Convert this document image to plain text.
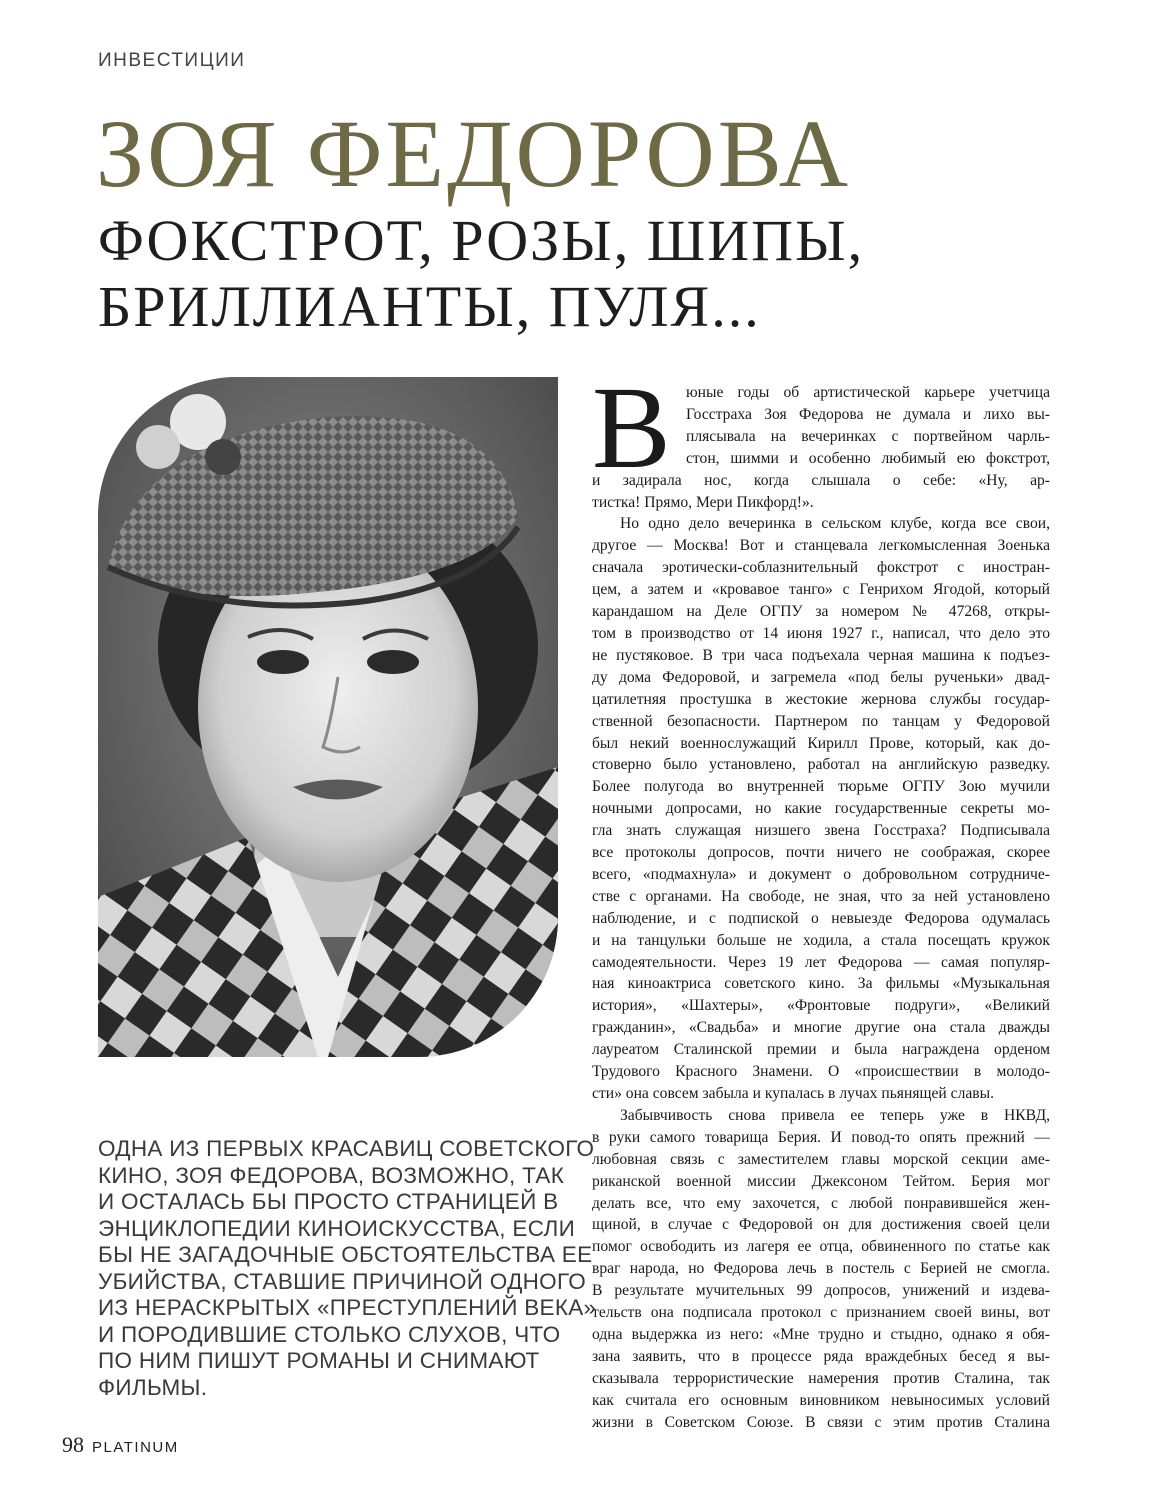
ИНВЕСТИЦИИ
ЗОЯ ФЕДОРОВА
ФОКСТРОТ, РОЗЫ, ШИПЫ,
БРИЛЛИАНТЫ, ПУЛЯ...
ОДНА ИЗ ПЕРВЫХ КРАСАВИЦ СОВЕТСКОГО
КИНО, ЗОЯ ФЕДОРОВА, ВОЗМОЖНО, ТАК
И ОСТАЛАСЬ БЫ ПРОСТО СТРАНИЦЕЙ В
ЭНЦИКЛОПЕДИИ КИНОИСКУССТВА, ЕСЛИ
БЫ НЕ ЗАГАДОЧНЫЕ ОБСТОЯТЕЛЬСТВА ЕЕ
УБИЙСТВА, СТАВШИЕ ПРИЧИНОЙ ОДНОГО
ИЗ НЕРАСКРЫТЫХ «ПРЕСТУПЛЕНИЙ ВЕКА»
И ПОРОДИВШИЕ СТОЛЬКО СЛУХОВ, ЧТО
ПО НИМ ПИШУТ РОМАНЫ И СНИМАЮТ
ФИЛЬМЫ.
В юные годы об артистической карьере учетчица
Госстраха Зоя Федорова не думала и лихо вы-
плясывала на вечеринках с портвейном чарль-
стон, шимми и особенно любимый ею фокстрот,
и задирала нос, когда слышала о себе: «Ну, ар-
тистка! Прямо, Мери Пикфорд!».
Но одно дело вечеринка в сельском клубе, когда все свои,
другое — Москва! Вот и станцевала легкомысленная Зоенька
сначала эротически-соблазнительный фокстрот с иностран-
цем, а затем и «кровавое танго» с Генрихом Ягодой, который
карандашом на Деле ОГПУ за номером № 47268, откры-
том в производство от 14 июня 1927 г., написал, что дело это
не пустяковое. В три часа подъехала черная машина к подъез-
ду дома Федоровой, и загремела «под белы рученьки» двад-
цатилетняя простушка в жестокие жернова службы государ-
ственной безопасности. Партнером по танцам у Федоровой
был некий военнослужащий Кирилл Прове, который, как до-
стоверно было установлено, работал на английскую разведку.
Более полугода во внутренней тюрьме ОГПУ Зою мучили
ночными допросами, но какие государственные секреты мо-
гла знать служащая низшего звена Госстраха? Подписывала
все протоколы допросов, почти ничего не соображая, скорее
всего, «подмахнула» и документ о добровольном сотрудниче-
стве с органами. На свободе, не зная, что за ней установлено
наблюдение, и с подпиской о невыезде Федорова одумалась
и на танцульки больше не ходила, а стала посещать кружок
самодеятельности. Через 19 лет Федорова — самая популяр-
ная киноактриса советского кино. За фильмы «Музыкальная
история», «Шахтеры», «Фронтовые подруги», «Великий
гражданин», «Свадьба» и многие другие она стала дважды
лауреатом Сталинской премии и была награждена орденом
Трудового Красного Знамени. О «происшествии в молодо-
сти» она совсем забыла и купалась в лучах пьянящей славы.
Забывчивость снова привела ее теперь уже в НКВД,
в руки самого товарища Берия. И повод-то опять прежний —
любовная связь с заместителем главы морской секции аме-
риканской военной миссии Джексоном Тейтом. Берия мог
делать все, что ему захочется, с любой понравившейся жен-
щиной, в случае с Федоровой он для достижения своей цели
помог освободить из лагеря ее отца, обвиненного по статье как
враг народа, но Федорова лечь в постель с Берией не смогла.
В результате мучительных 99 допросов, унижений и издева-
тельств она подписала протокол с признанием своей вины, вот
одна выдержка из него: «Мне трудно и стыдно, однако я обя-
зана заявить, что в процессе ряда враждебных бесед я вы-
сказывала террористические намерения против Сталина, так
как считала его основным виновником невыносимых условий
жизни в Советском Союзе. В связи с этим против Сталина
98 PLATINUM
